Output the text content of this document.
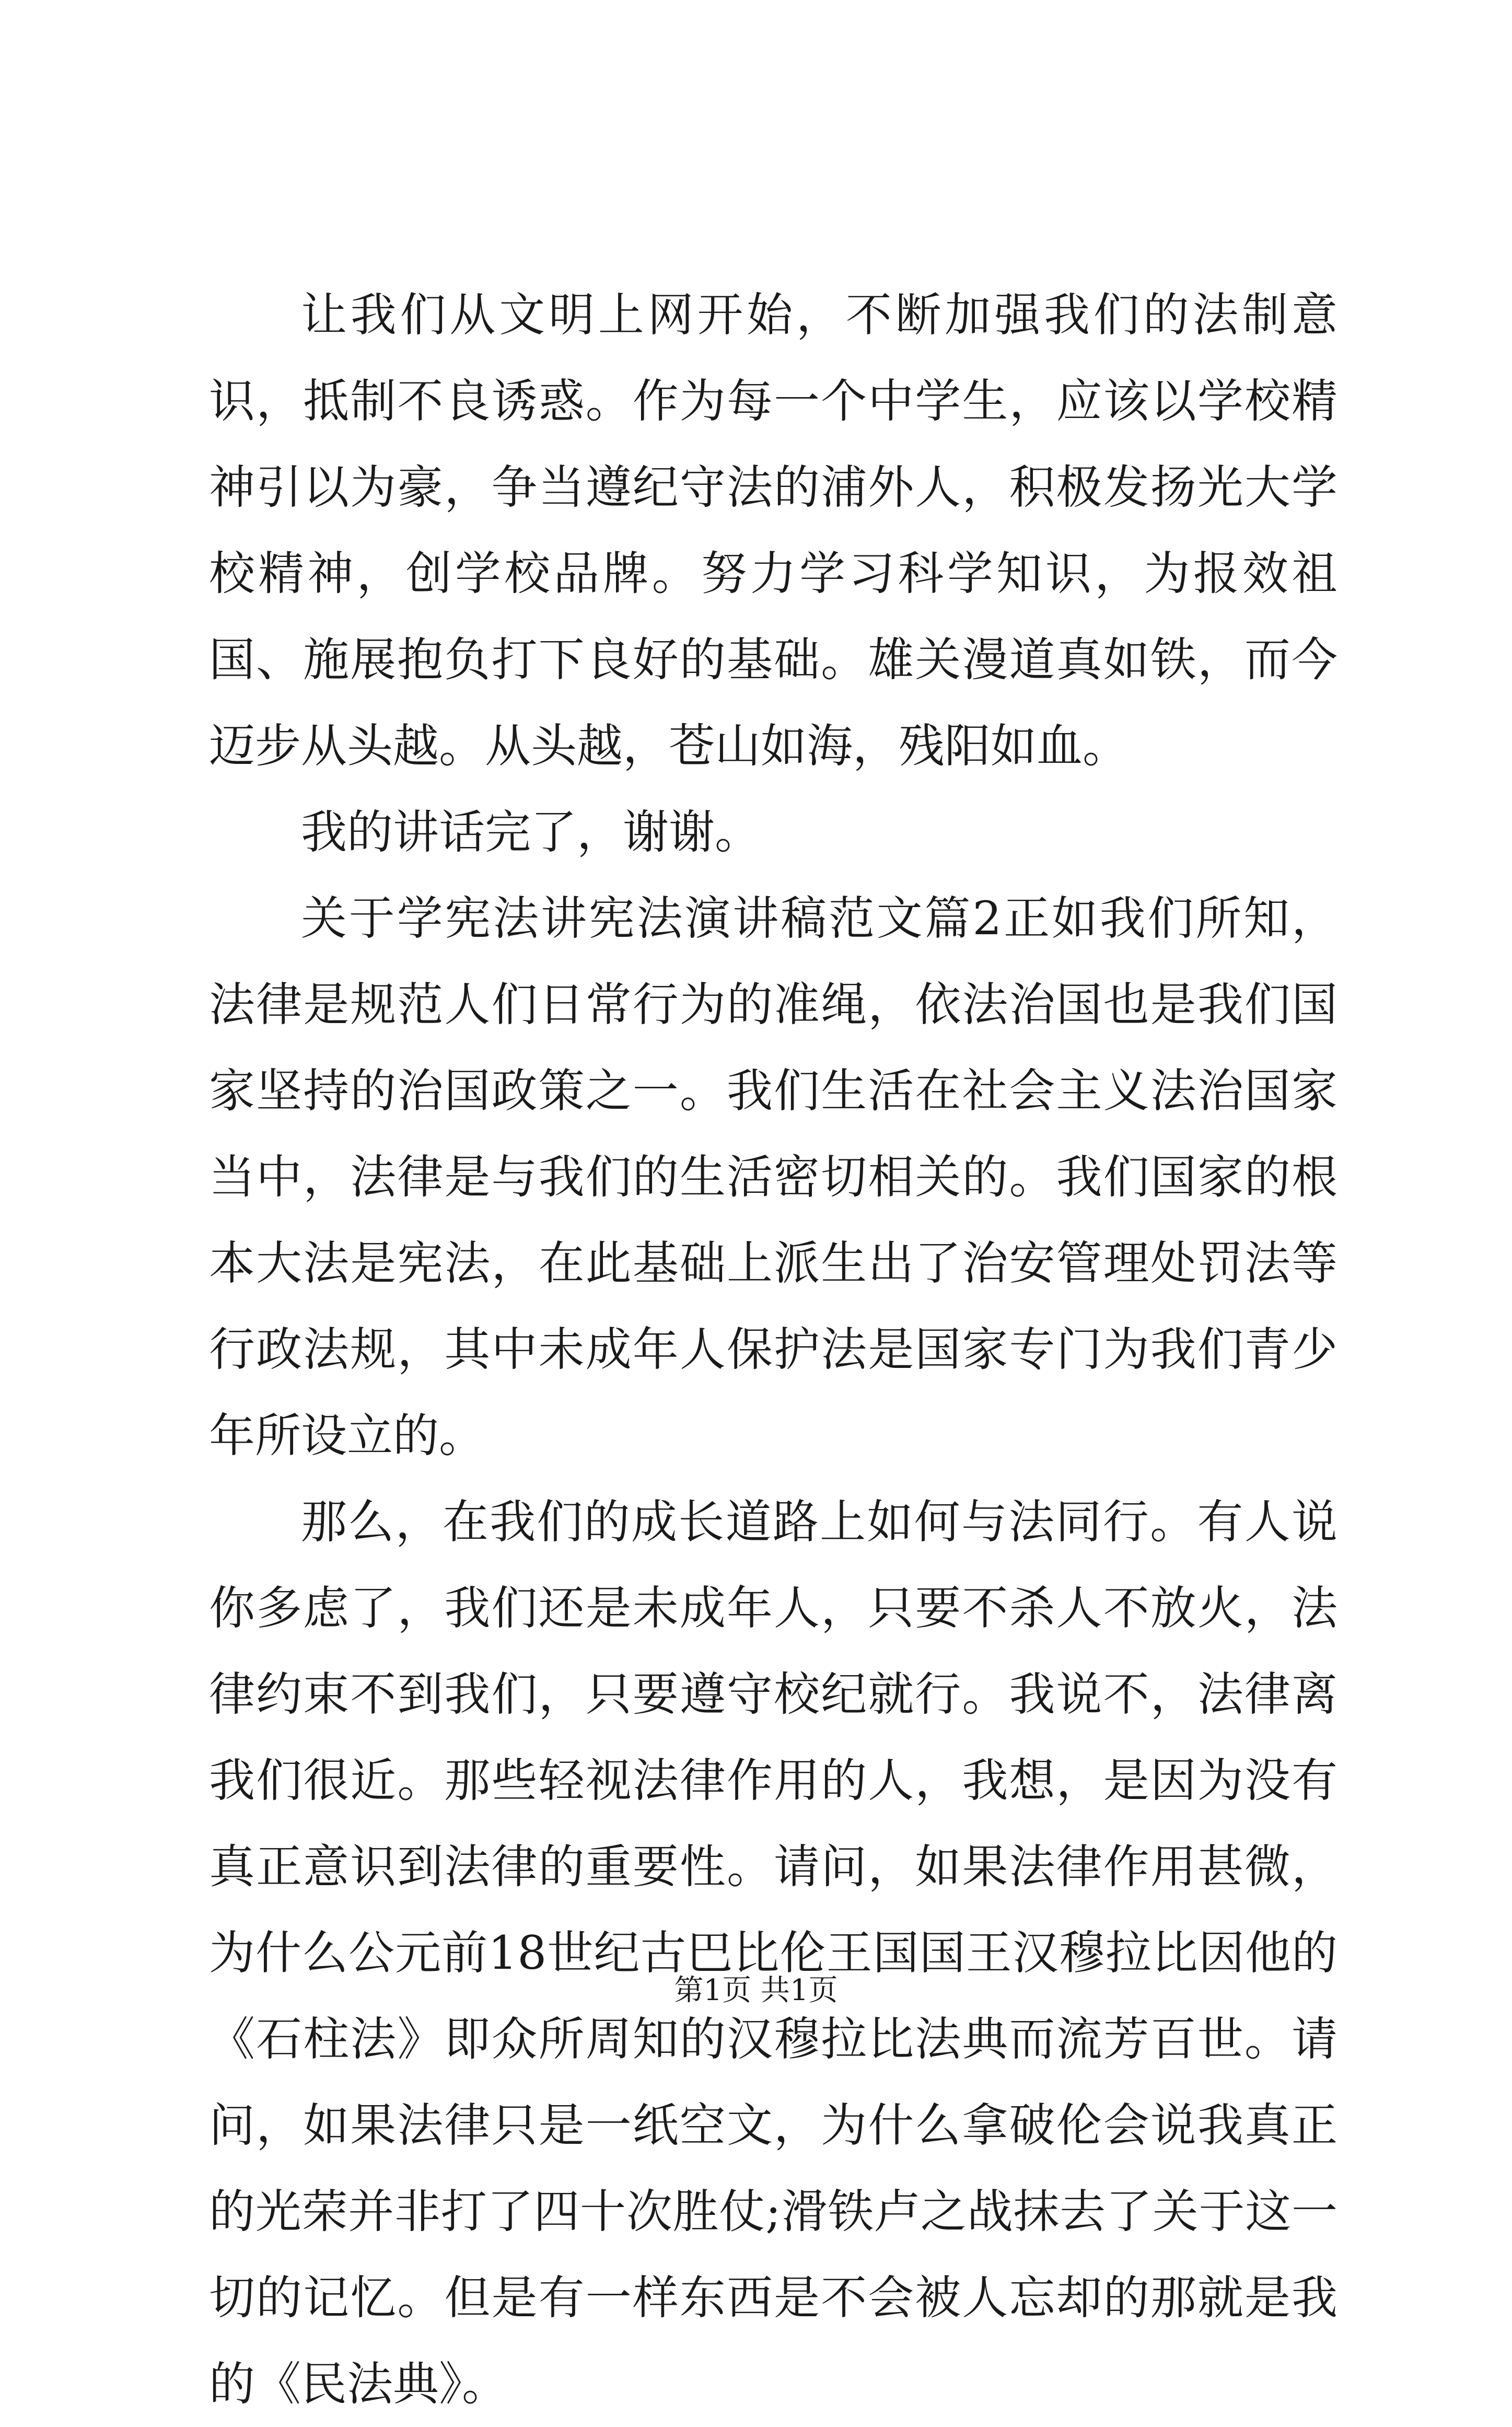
让我们从文明上网开始，不断加强我们的法制意识，抵制不良诱惑。作为每一个中学生，应该以学校精神引以为豪，争当遵纪守法的浦外人，积极发扬光大学校精神，创学校品牌。努力学习科学知识，为报效祖国、施展抱负打下良好的基础。雄关漫道真如铁，而今迈步从头越。从头越，苍山如海，残阳如血。

我的讲话完了，谢谢。

关于学宪法讲宪法演讲稿范文篇2正如我们所知，法律是规范人们日常行为的准绳，依法治国也是我们国家坚持的治国政策之一。我们生活在社会主义法治国家当中，法律是与我们的生活密切相关的。我们国家的根本大法是宪法，在此基础上派生出了治安管理处罚法等行政法规，其中未成年人保护法是国家专门为我们青少年所设立的。

那么，在我们的成长道路上如何与法同行。有人说你多虑了，我们还是未成年人，只要不杀人不放火，法律约束不到我们，只要遵守校纪就行。我说不，法律离我们很近。那些轻视法律作用的人，我想，是因为没有真正意识到法律的重要性。请问，如果法律作用甚微，为什么公元前18世纪古巴比伦王国国王汉穆拉比因他的《石柱法》即众所周知的汉穆拉比法典而流芳百世。请问，如果法律只是一纸空文，为什么拿破伦会说我真正的光荣并非打了四十次胜仗;滑铁卢之战抹去了关于这一切的记忆。但是有一样东西是不会被人忘却的那就是我的《民法典》。

第1页 共1页
